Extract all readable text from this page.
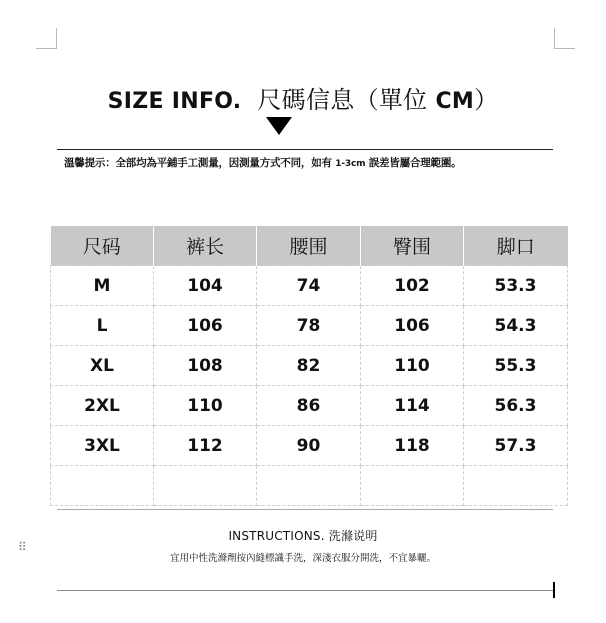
SIZE INFO. 尺碼信息（單位 CM）
溫馨提示：全部均為平鋪手工測量，因測量方式不同，如有 1-3cm 誤差皆屬合理範圍。
尺码	裤长	腰围	臀围	脚口
M	104	74	102	53.3
L	106	78	106	54.3
XL	108	82	110	55.3
2XL	110	86	114	56.3
3XL	112	90	118	57.3

⠿
INSTRUCTIONS. 洗滌说明
宜用中性洗滌劑按內縫標識手洗，深淺衣服分開洗，不宜暴曬。
